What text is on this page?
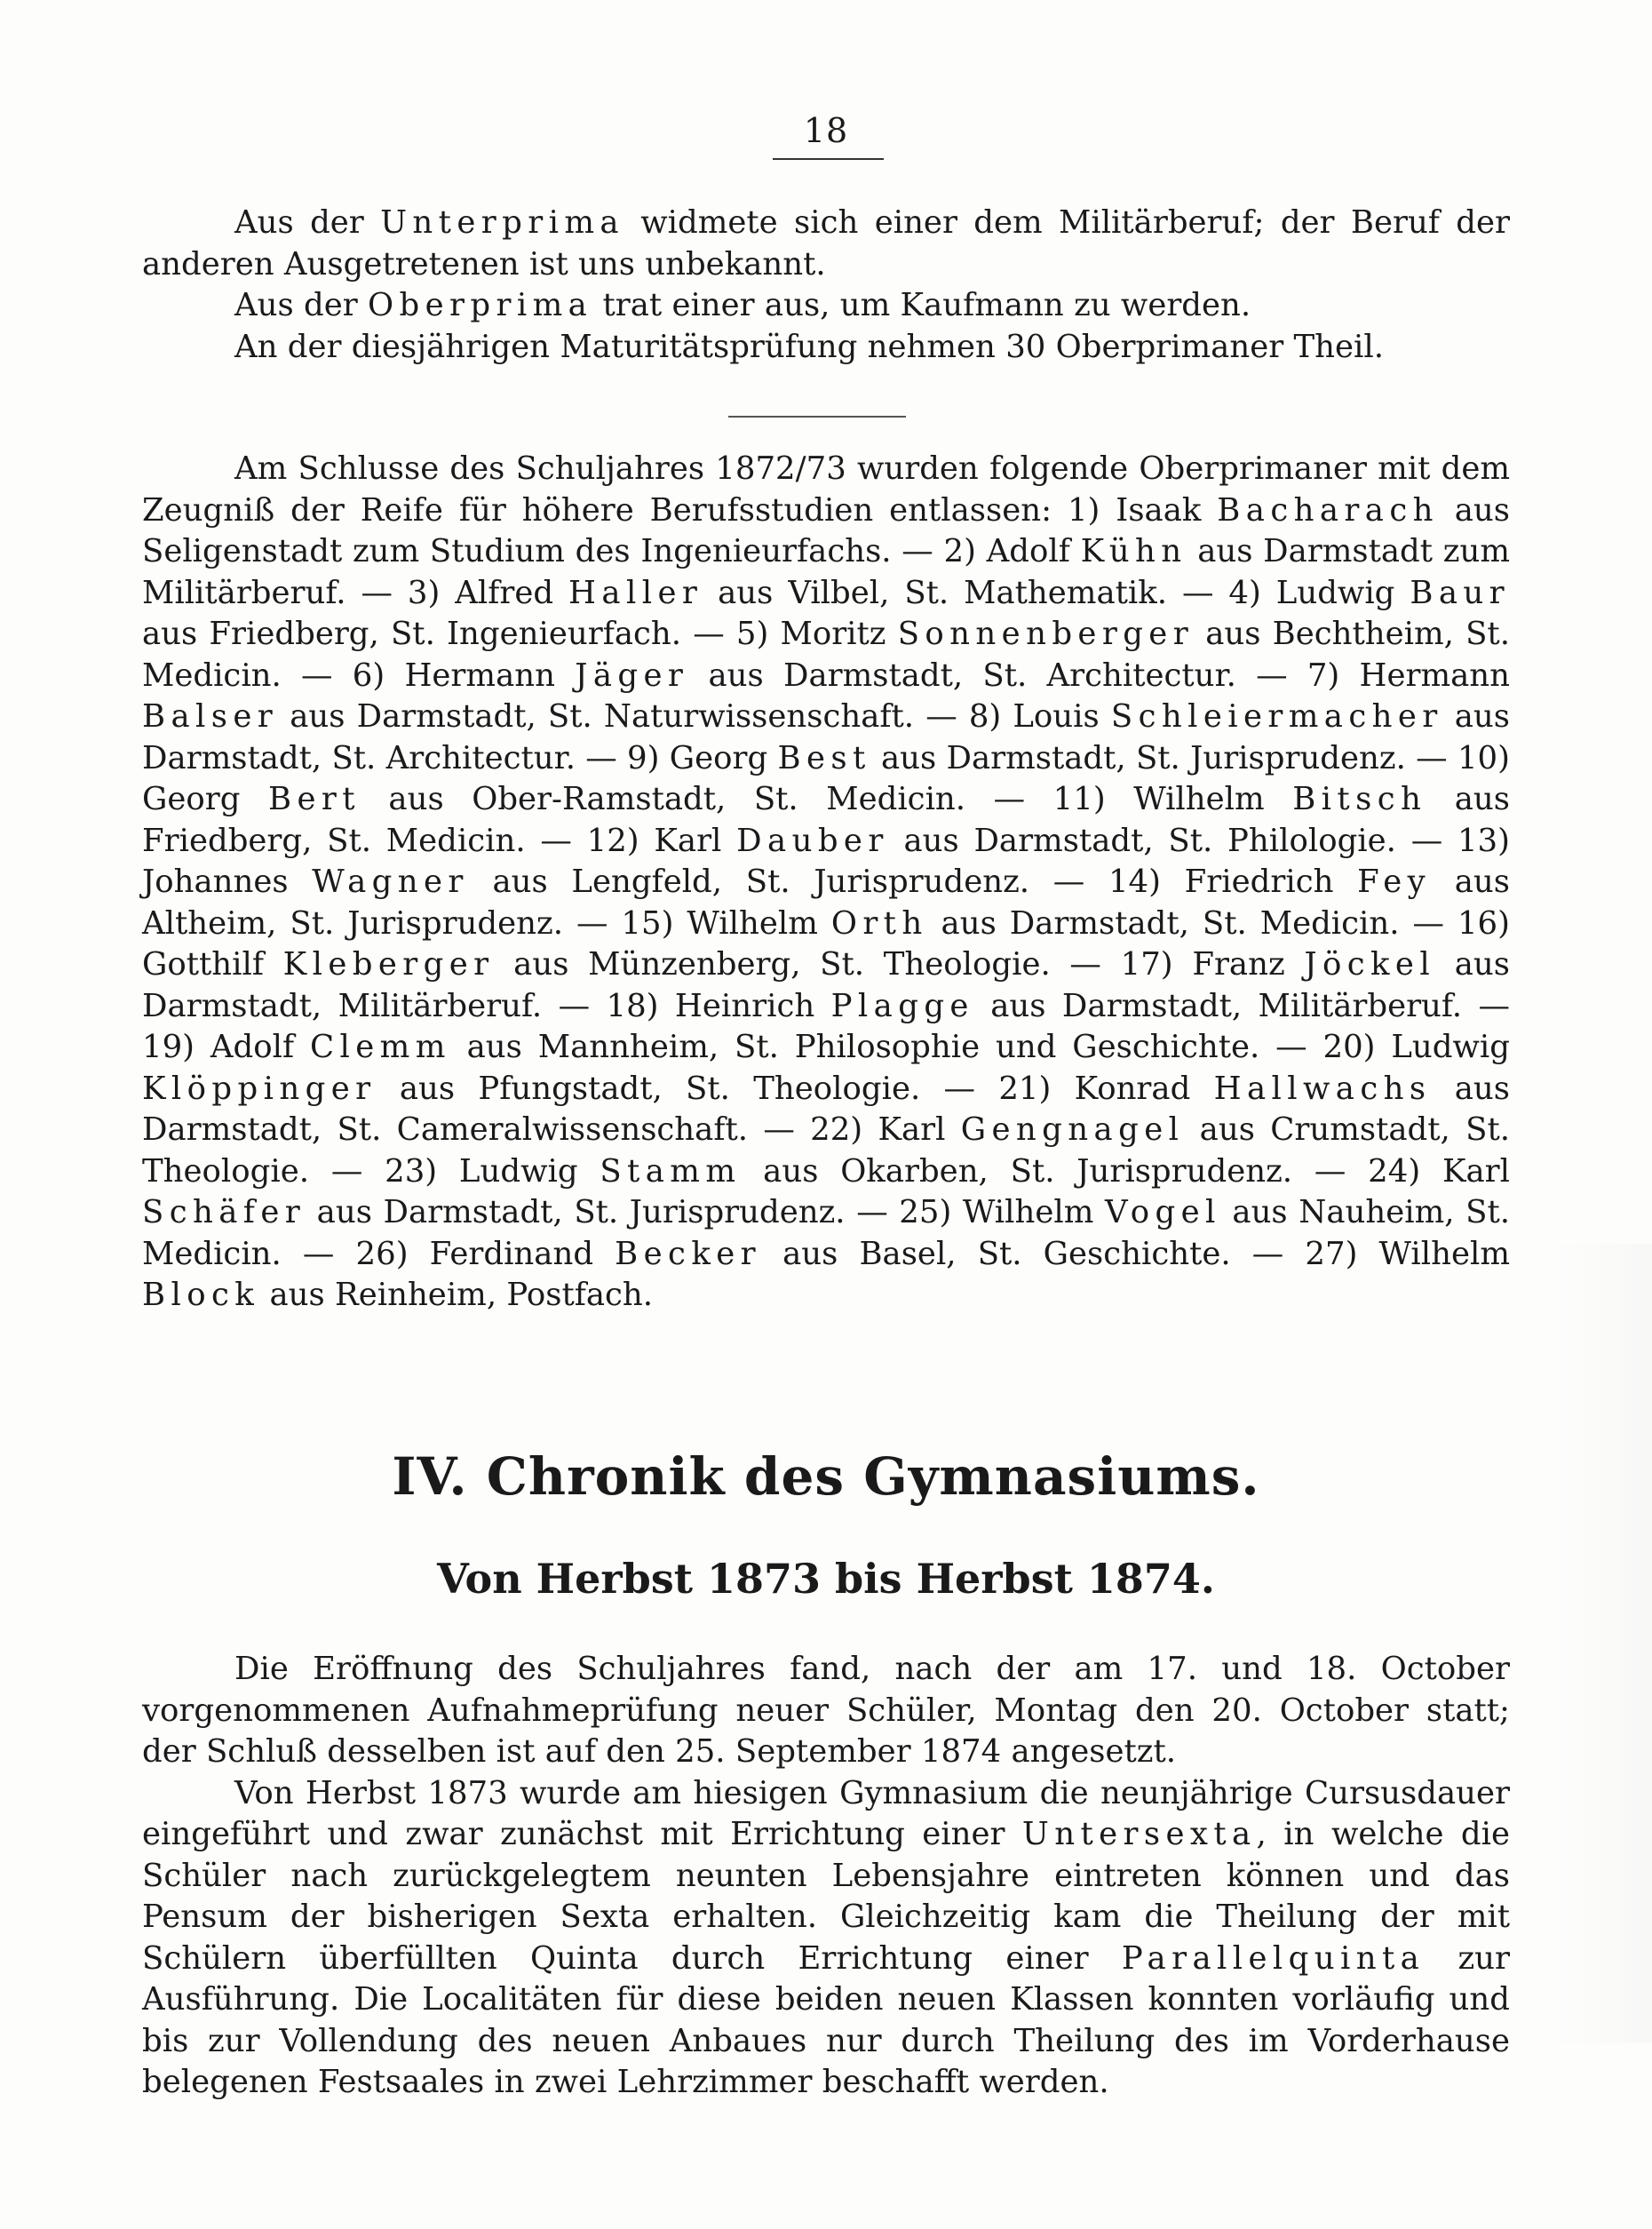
18

Aus der Unterprima widmete sich einer dem Militärberuf; der Beruf der anderen Ausgetretenen ist uns unbekannt.

Aus der Oberprima trat einer aus, um Kaufmann zu werden.

An der diesjährigen Maturitätsprüfung nehmen 30 Oberprimaner Theil.

Am Schlusse des Schuljahres 1872/73 wurden folgende Oberprimaner mit dem Zeugniß der Reife für höhere Berufsstudien entlassen: 1) Isaak Bacharach aus Seligenstadt zum Studium des Ingenieurfachs. — 2) Adolf Kühn aus Darmstadt zum Militärberuf. — 3) Alfred Haller aus Vilbel, St. Mathematik. — 4) Ludwig Baur aus Friedberg, St. Ingenieurfach. — 5) Moritz Sonnenberger aus Bechtheim, St. Medicin. — 6) Hermann Jäger aus Darmstadt, St. Architectur. — 7) Hermann Balser aus Darmstadt, St. Naturwissenschaft. — 8) Louis Schleiermacher aus Darmstadt, St. Architectur. — 9) Georg Best aus Darmstadt, St. Jurisprudenz. — 10) Georg Bert aus Ober-Ramstadt, St. Medicin. — 11) Wilhelm Bitsch aus Friedberg, St. Medicin. — 12) Karl Dauber aus Darmstadt, St. Philologie. — 13) Johannes Wagner aus Lengfeld, St. Jurisprudenz. — 14) Friedrich Fey aus Altheim, St. Jurisprudenz. — 15) Wilhelm Orth aus Darmstadt, St. Medicin. — 16) Gotthilf Kleberger aus Münzenberg, St. Theologie. — 17) Franz Jöckel aus Darmstadt, Militärberuf. — 18) Heinrich Plagge aus Darmstadt, Militärberuf. — 19) Adolf Clemm aus Mannheim, St. Philosophie und Geschichte. — 20) Ludwig Klöppinger aus Pfungstadt, St. Theologie. — 21) Konrad Hallwachs aus Darmstadt, St. Cameralwissenschaft. — 22) Karl Gengnagel aus Crumstadt, St. Theologie. — 23) Ludwig Stamm aus Okarben, St. Jurisprudenz. — 24) Karl Schäfer aus Darmstadt, St. Jurisprudenz. — 25) Wilhelm Vogel aus Nauheim, St. Medicin. — 26) Ferdinand Becker aus Basel, St. Geschichte. — 27) Wilhelm Block aus Reinheim, Postfach.

IV. Chronik des Gymnasiums.
Von Herbst 1873 bis Herbst 1874.

Die Eröffnung des Schuljahres fand, nach der am 17. und 18. October vorgenommenen Aufnahmeprüfung neuer Schüler, Montag den 20. October statt; der Schluß desselben ist auf den 25. September 1874 angesetzt.

Von Herbst 1873 wurde am hiesigen Gymnasium die neunjährige Cursusdauer eingeführt und zwar zunächst mit Errichtung einer Untersexta, in welche die Schüler nach zurückgelegtem neunten Lebensjahre eintreten können und das Pensum der bisherigen Sexta erhalten. Gleichzeitig kam die Theilung der mit Schülern überfüllten Quinta durch Errichtung einer Parallelquinta zur Ausführung. Die Localitäten für diese beiden neuen Klassen konnten vorläufig und bis zur Vollendung des neuen Anbaues nur durch Theilung des im Vorderhause belegenen Festsaales in zwei Lehrzimmer beschafft werden.
